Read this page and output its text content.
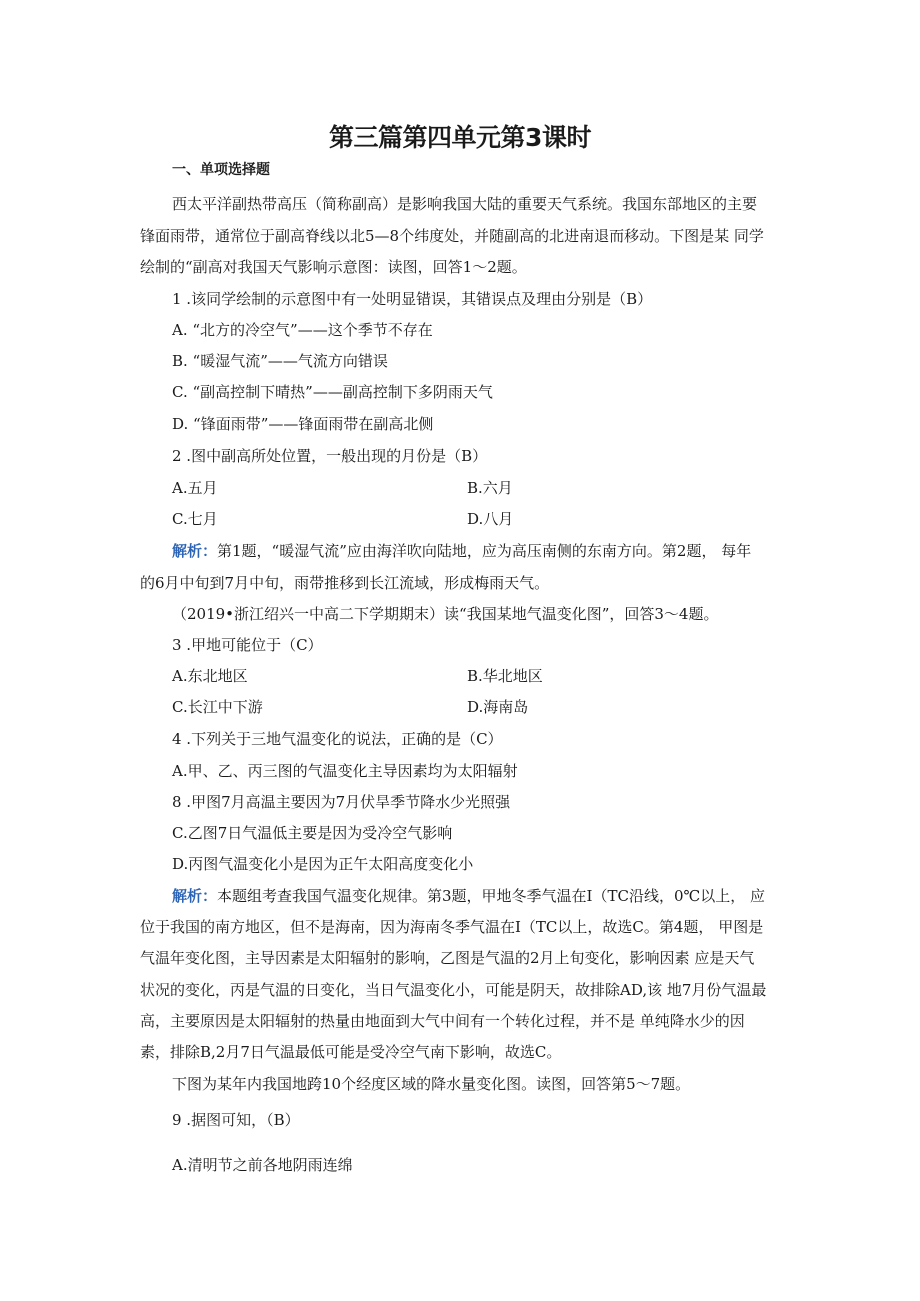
第三篇第四单元第3课时
一、单项选择题
西太平洋副热带高压（简称副高）是影响我国大陆的重要天气系统。我国东部地区的主要
锋面雨带，通常位于副高脊线以北5—8个纬度处，并随副高的北进南退而移动。下图是某 同学
绘制的“副高对我国天气影响示意图：读图，回答1～2题。
1 .该同学绘制的示意图中有一处明显错误，其错误点及理由分别是（B）
A. “北方的冷空气”——这个季节不存在
B. “暖湿气流”——气流方向错误
C. “副高控制下晴热”——副高控制下多阴雨天气
D. “锋面雨带”——锋面雨带在副高北侧
2 .图中副高所处位置，一般出现的月份是（B）
A.五月	B.六月
C.七月	D.八月
解析：第1题，“暖湿气流”应由海洋吹向陆地，应为高压南侧的东南方向。第2题， 每年
的6月中旬到7月中旬，雨带推移到长江流域，形成梅雨天气。
（2019•浙江绍兴一中高二下学期期末）读“我国某地气温变化图”，回答3～4题。
3 .甲地可能位于（C）
A.东北地区	B.华北地区
C.长江中下游	D.海南岛
4 .下列关于三地气温变化的说法，正确的是（C）
A.甲、乙、丙三图的气温变化主导因素均为太阳辐射
8 .甲图7月高温主要因为7月伏旱季节降水少光照强
C.乙图7日气温低主要是因为受冷空气影响
D.丙图气温变化小是因为正午太阳高度变化小
解析：本题组考查我国气温变化规律。第3题，甲地冬季气温在I（TC沿线，0℃以上， 应
位于我国的南方地区，但不是海南，因为海南冬季气温在I（TC以上，故选C。第4题， 甲图是
气温年变化图，主导因素是太阳辐射的影响，乙图是气温的2月上旬变化，影响因素 应是天气
状况的变化，丙是气温的日变化，当日气温变化小，可能是阴天，故排除AD,该 地7月份气温最
高，主要原因是太阳辐射的热量由地面到大气中间有一个转化过程，并不是 单纯降水少的因
素，排除B,2月7日气温最低可能是受冷空气南下影响，故选C。
下图为某年内我国地跨10个经度区域的降水量变化图。读图，回答第5～7题。
9 .据图可知，（B）
A.清明节之前各地阴雨连绵
